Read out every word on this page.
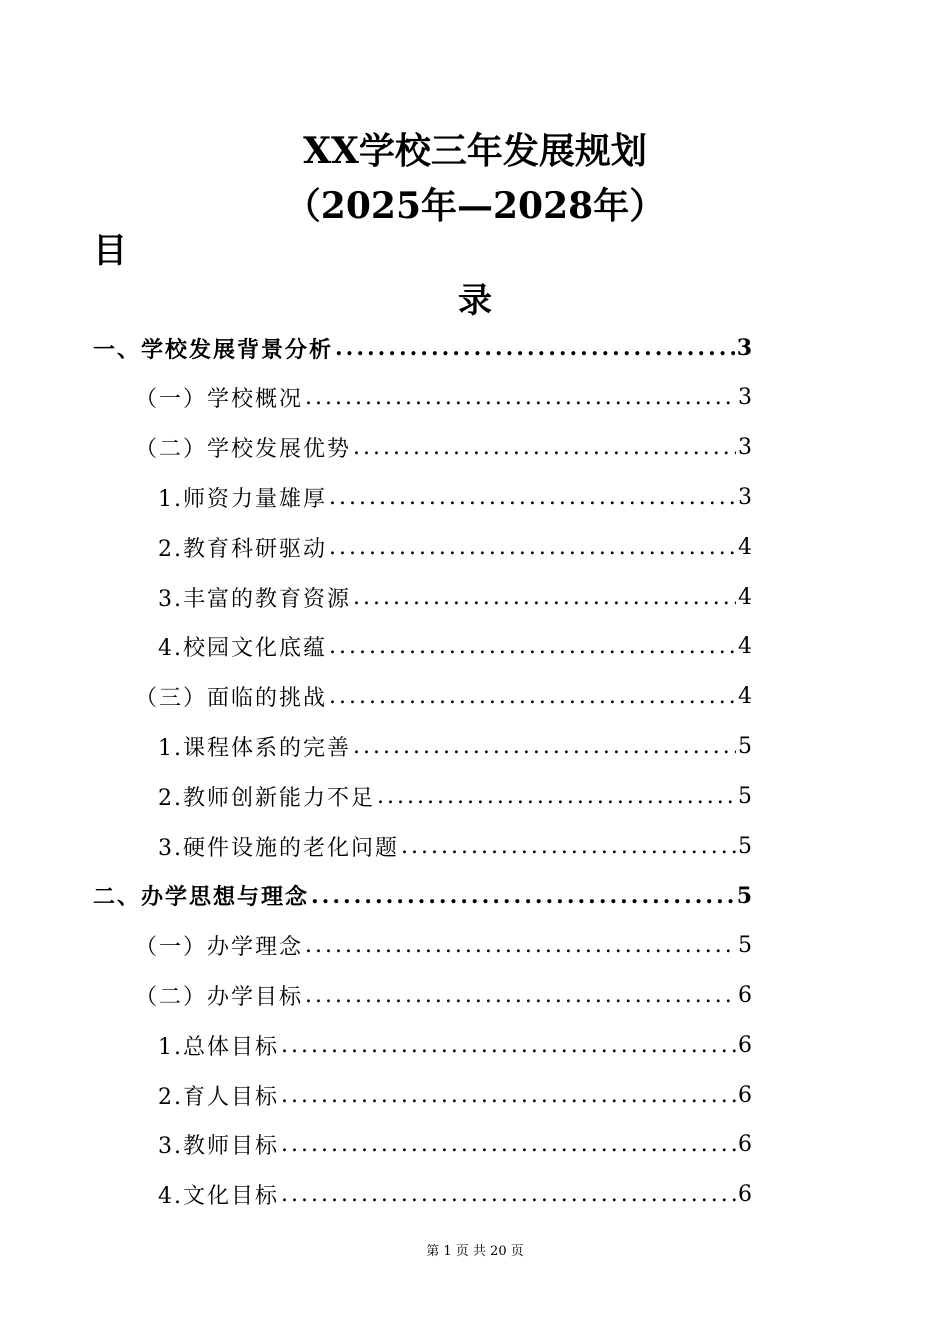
XX学校三年发展规划
（2025年—2028年）
目
录
一、学校发展背景分析 .....	3
（一）学校概况 .....	3
（二）学校发展优势 .....	3
1.师资力量雄厚 .....	3
2.教育科研驱动 .....	4
3.丰富的教育资源 .....	4
4.校园文化底蕴 .....	4
（三）面临的挑战 .....	4
1.课程体系的完善 .....	5
2.教师创新能力不足 .....	5
3.硬件设施的老化问题 .....	5
二、办学思想与理念 .....	5
（一）办学理念 .....	5
（二）办学目标 .....	6
1.总体目标 .....	6
2.育人目标 .....	6
3.教师目标 .....	6
4.文化目标 .....	6
第 1 页 共 20 页
